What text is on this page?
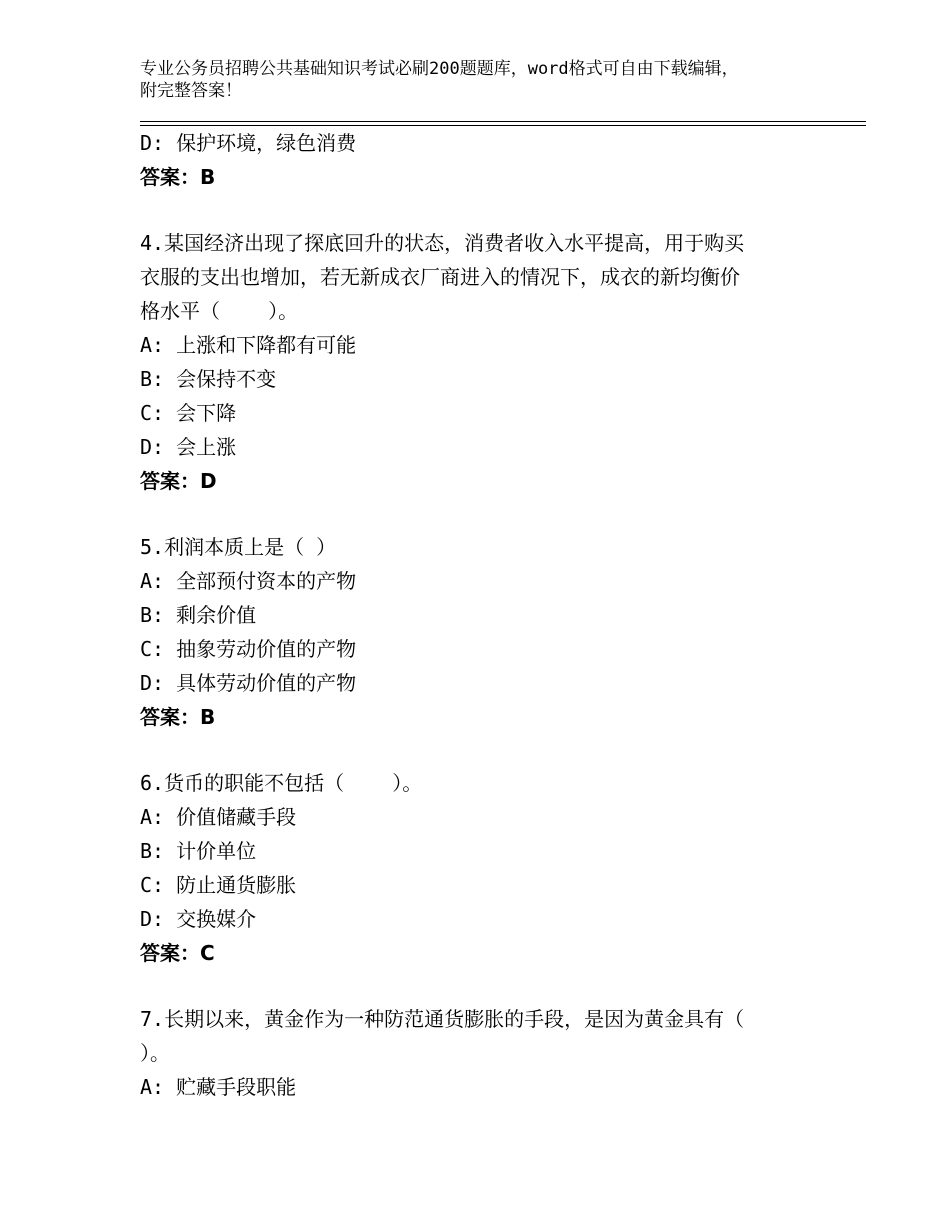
专业公务员招聘公共基础知识考试必刷200题题库，word格式可自由下载编辑，
附完整答案！
D: 保护环境，绿色消费
答案：B
4.某国经济出现了探底回升的状态，消费者收入水平提高，用于购买
衣服的支出也增加，若无新成衣厂商进入的情况下，成衣的新均衡价
格水平（    ）。
A: 上涨和下降都有可能
B: 会保持不变
C: 会下降
D: 会上涨
答案：D
5.利润本质上是（ ）
A: 全部预付资本的产物
B: 剩余价值
C: 抽象劳动价值的产物
D: 具体劳动价值的产物
答案：B
6.货币的职能不包括（    ）。
A: 价值储藏手段
B: 计价单位
C: 防止通货膨胀
D: 交换媒介
答案：C
7.长期以来，黄金作为一种防范通货膨胀的手段，是因为黄金具有（
）。
A: 贮藏手段职能
